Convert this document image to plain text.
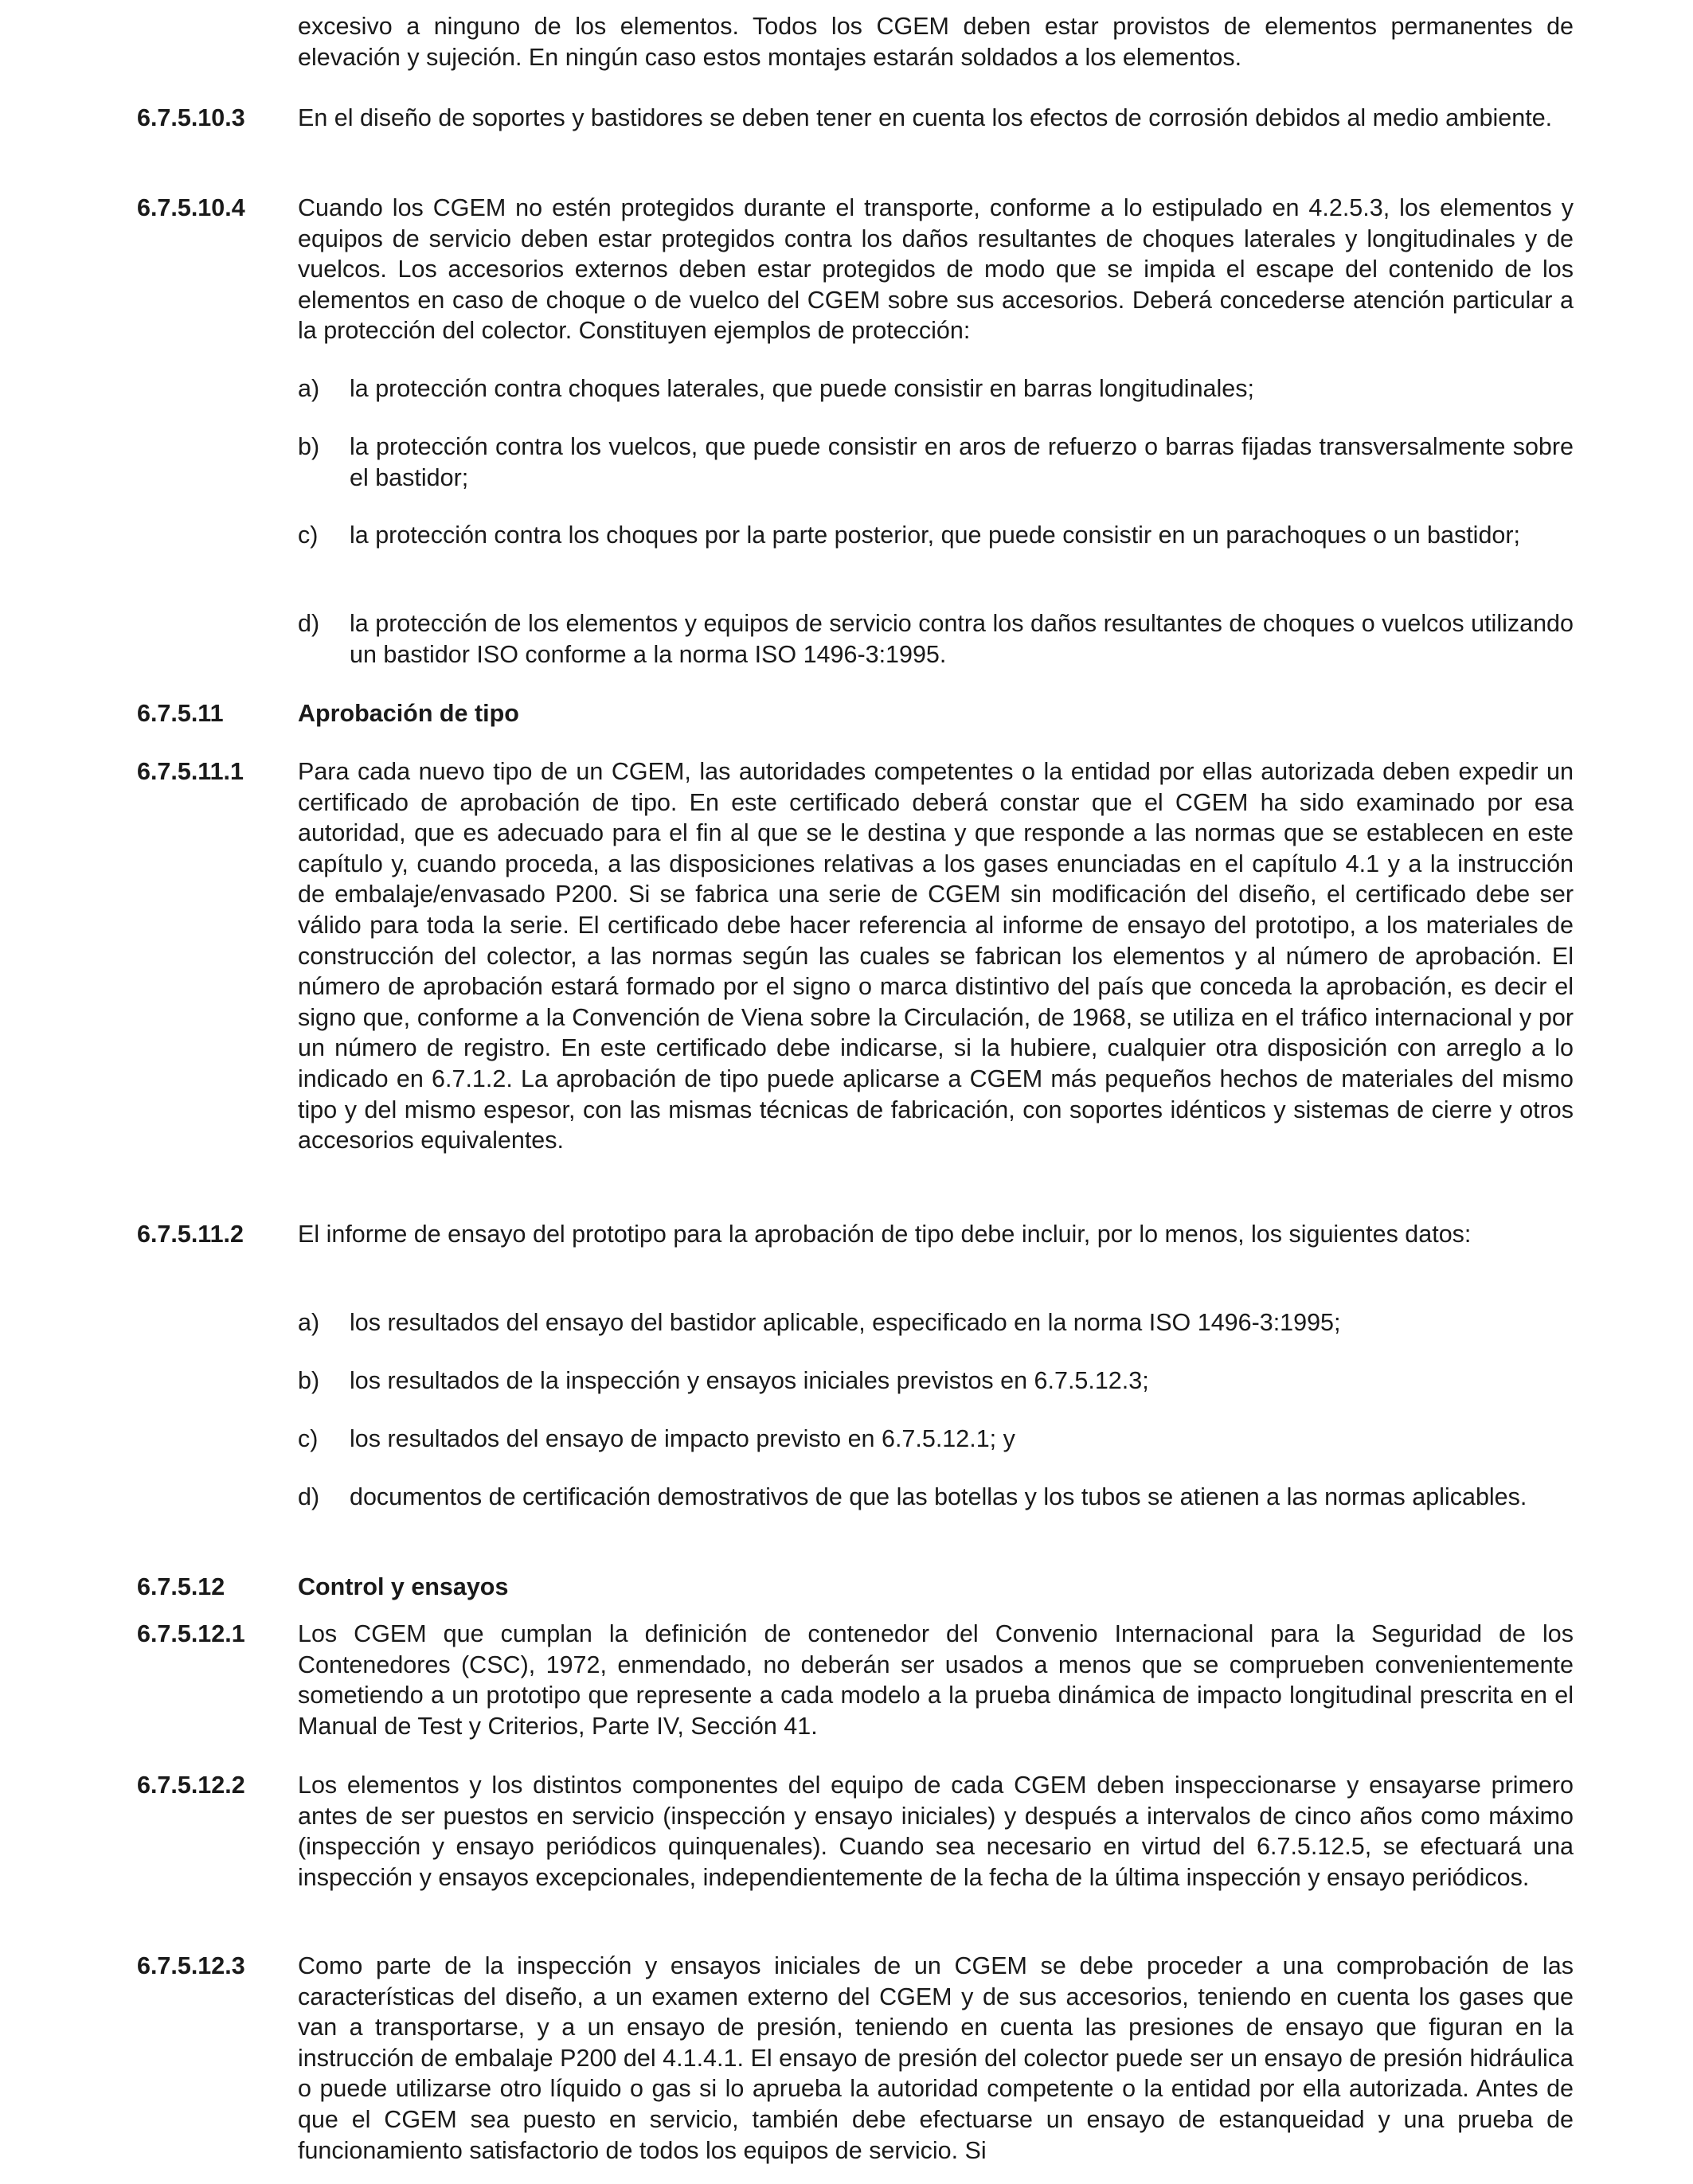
excesivo a ninguno de los elementos. Todos los CGEM deben estar provistos de elementos permanentes de elevación y sujeción. En ningún caso estos montajes estarán soldados a los elementos.
6.7.5.10.3	En el diseño de soportes y bastidores se deben tener en cuenta los efectos de corrosión debidos al medio ambiente.
6.7.5.10.4	Cuando los CGEM no estén protegidos durante el transporte, conforme a lo estipulado en 4.2.5.3, los elementos y equipos de servicio deben estar protegidos contra los daños resultantes de choques laterales y longitudinales y de vuelcos. Los accesorios externos deben estar protegidos de modo que se impida el escape del contenido de los elementos en caso de choque o de vuelco del CGEM sobre sus accesorios. Deberá concederse atención particular a la protección del colector. Constituyen ejemplos de protección:
a)	la protección contra choques laterales, que puede consistir en barras longitudinales;
b)	la protección contra los vuelcos, que puede consistir en aros de refuerzo o barras fijadas transversalmente sobre el bastidor;
c)	la protección contra los choques por la parte posterior, que puede consistir en un parachoques o un bastidor;
d)	la protección de los elementos y equipos de servicio contra los daños resultantes de choques o vuelcos utilizando un bastidor ISO conforme a la norma ISO 1496-3:1995.
6.7.5.11	Aprobación de tipo
6.7.5.11.1	Para cada nuevo tipo de un CGEM, las autoridades competentes o la entidad por ellas autorizada deben expedir un certificado de aprobación de tipo. En este certificado deberá constar que el CGEM ha sido examinado por esa autoridad, que es adecuado para el fin al que se le destina y que responde a las normas que se establecen en este capítulo y, cuando proceda, a las disposiciones relativas a los gases enunciadas en el capítulo 4.1 y a la instrucción de embalaje/envasado P200. Si se fabrica una serie de CGEM sin modificación del diseño, el certificado debe ser válido para toda la serie. El certificado debe hacer referencia al informe de ensayo del prototipo, a los materiales de construcción del colector, a las normas según las cuales se fabrican los elementos y al número de aprobación. El número de aprobación estará formado por el signo o marca distintivo del país que conceda la aprobación, es decir el signo que, conforme a la Convención de Viena sobre la Circulación, de 1968, se utiliza en el tráfico internacional y por un número de registro. En este certificado debe indicarse, si la hubiere, cualquier otra disposición con arreglo a lo indicado en 6.7.1.2. La aprobación de tipo puede aplicarse a CGEM más pequeños hechos de materiales del mismo tipo y del mismo espesor, con las mismas técnicas de fabricación, con soportes idénticos y sistemas de cierre y otros accesorios equivalentes.
6.7.5.11.2	El informe de ensayo del prototipo para la aprobación de tipo debe incluir, por lo menos, los siguientes datos:
a)	los resultados del ensayo del bastidor aplicable, especificado en la norma ISO 1496-3:1995;
b)	los resultados de la inspección y ensayos iniciales previstos en 6.7.5.12.3;
c)	los resultados del ensayo de impacto previsto en 6.7.5.12.1; y
d)	documentos de certificación demostrativos de que las botellas y los tubos se atienen a las normas aplicables.
6.7.5.12	Control y ensayos
6.7.5.12.1	Los CGEM que cumplan la definición de contenedor del Convenio Internacional para la Seguridad de los Contenedores (CSC), 1972, enmendado, no deberán ser usados a menos que se comprueben convenientemente sometiendo a un prototipo que represente a cada modelo a la prueba dinámica de impacto longitudinal prescrita en el Manual de Test y Criterios, Parte IV, Sección 41.
6.7.5.12.2	Los elementos y los distintos componentes del equipo de cada CGEM deben inspeccionarse y ensayarse primero antes de ser puestos en servicio (inspección y ensayo iniciales) y después a intervalos de cinco años como máximo (inspección y ensayo periódicos quinquenales). Cuando sea necesario en virtud del 6.7.5.12.5, se efectuará una inspección y ensayos excepcionales, independientemente de la fecha de la última inspección y ensayo periódicos.
6.7.5.12.3	Como parte de la inspección y ensayos iniciales de un CGEM se debe proceder a una comprobación de las características del diseño, a un examen externo del CGEM y de sus accesorios, teniendo en cuenta los gases que van a transportarse, y a un ensayo de presión, teniendo en cuenta las presiones de ensayo que figuran en la instrucción de embalaje P200 del 4.1.4.1. El ensayo de presión del colector puede ser un ensayo de presión hidráulica o puede utilizarse otro líquido o gas si lo aprueba la autoridad competente o la entidad por ella autorizada. Antes de que el CGEM sea puesto en servicio, también debe efectuarse un ensayo de estanqueidad y una prueba de funcionamiento satisfactorio de todos los equipos de servicio. Si
